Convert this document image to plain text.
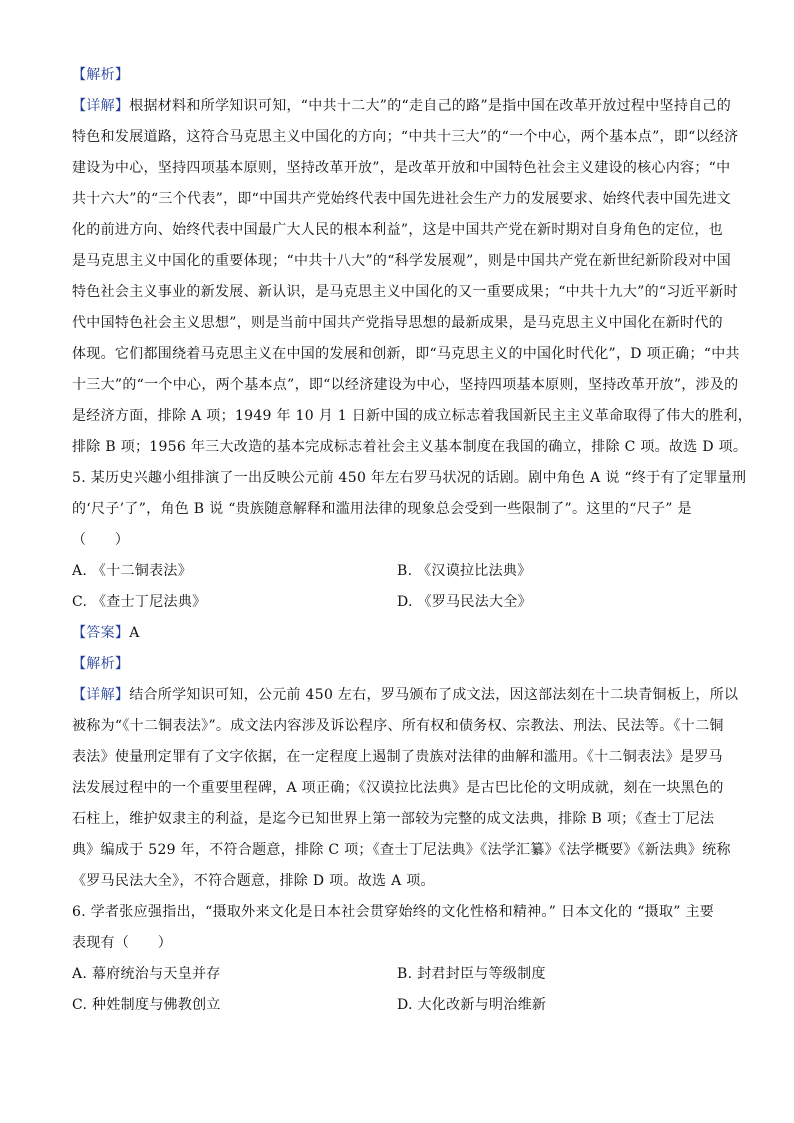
【解析】
【详解】根据材料和所学知识可知，“中共十二大”的“走自己的路”是指中国在改革开放过程中坚持自己的
特色和发展道路，这符合马克思主义中国化的方向；“中共十三大”的“一个中心，两个基本点”，即“以经济
建设为中心，坚持四项基本原则，坚持改革开放”，是改革开放和中国特色社会主义建设的核心内容；“中
共十六大”的“三个代表”，即“中国共产党始终代表中国先进社会生产力的发展要求、始终代表中国先进文
化的前进方向、始终代表中国最广大人民的根本利益”，这是中国共产党在新时期对自身角色的定位，也
是马克思主义中国化的重要体现；“中共十八大”的“科学发展观”，则是中国共产党在新世纪新阶段对中国
特色社会主义事业的新发展、新认识，是马克思主义中国化的又一重要成果；“中共十九大”的“习近平新时
代中国特色社会主义思想”，则是当前中国共产党指导思想的最新成果，是马克思主义中国化在新时代的
体现。它们都围绕着马克思主义在中国的发展和创新，即“马克思主义的中国化时代化”，D 项正确；“中共
十三大”的“一个中心，两个基本点”，即“以经济建设为中心，坚持四项基本原则，坚持改革开放”，涉及的
是经济方面，排除 A 项；1949 年 10 月 1 日新中国的成立标志着我国新民主主义革命取得了伟大的胜利，
排除 B 项；1956 年三大改造的基本完成标志着社会主义基本制度在我国的确立，排除 C 项。故选 D 项。
5. 某历史兴趣小组排演了一出反映公元前 450 年左右罗马状况的话剧。剧中角色 A 说 “终于有了定罪量刑
的‘尺子’了”，角色 B 说 “贵族随意解释和滥用法律的现象总会受到一些限制了”。这里的“尺子” 是
（　　）
A. 《十二铜表法》	B. 《汉谟拉比法典》
C. 《查士丁尼法典》	D. 《罗马民法大全》
【答案】A
【解析】
【详解】结合所学知识可知，公元前 450 左右，罗马颁布了成文法，因这部法刻在十二块青铜板上，所以
被称为“《十二铜表法》”。成文法内容涉及诉讼程序、所有权和债务权、宗教法、刑法、民法等。《十二铜
表法》使量刑定罪有了文字依据，在一定程度上遏制了贵族对法律的曲解和滥用。《十二铜表法》是罗马
法发展过程中的一个重要里程碑，A 项正确；《汉谟拉比法典》是古巴比伦的文明成就，刻在一块黑色的
石柱上，维护奴隶主的利益，是迄今已知世界上第一部较为完整的成文法典，排除 B 项；《查士丁尼法
典》编成于 529 年，不符合题意，排除 C 项；《查士丁尼法典》《法学汇纂》《法学概要》《新法典》统称
《罗马民法大全》，不符合题意，排除 D 项。故选 A 项。
6. 学者张应强指出，“摄取外来文化是日本社会贯穿始终的文化性格和精神。” 日本文化的 “摄取” 主要
表现有（　　）
A. 幕府统治与天皇并存	B. 封君封臣与等级制度
C. 种姓制度与佛教创立	D. 大化改新与明治维新
